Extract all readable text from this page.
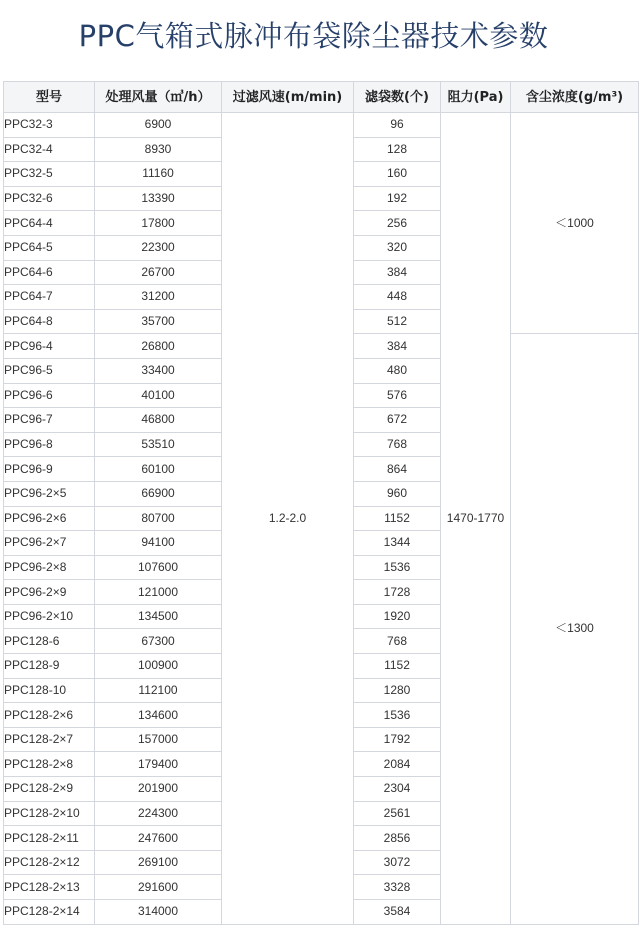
PPC气箱式脉冲布袋除尘器技术参数
型号	处理风量（㎥/h）	过滤风速(m/min)	滤袋数(个)	阻力(Pa)	含尘浓度(g/m³)
PPC32-3	6900	1.2-2.0	96	1470-1770	＜1000
PPC32-4	8930		128		
PPC32-5	11160		160		
PPC32-6	13390		192		
PPC64-4	17800		256		
PPC64-5	22300		320		
PPC64-6	26700		384		
PPC64-7	31200		448		
PPC64-8	35700		512		
PPC96-4	26800		384		＜1300
PPC96-5	33400		480		
PPC96-6	40100		576		
PPC96-7	46800		672		
PPC96-8	53510		768		
PPC96-9	60100		864		
PPC96-2×5	66900		960		
PPC96-2×6	80700		1152		
PPC96-2×7	94100		1344		
PPC96-2×8	107600		1536		
PPC96-2×9	121000		1728		
PPC96-2×10	134500		1920		
PPC128-6	67300		768		
PPC128-9	100900		1152		
PPC128-10	112100		1280		
PPC128-2×6	134600		1536		
PPC128-2×7	157000		1792		
PPC128-2×8	179400		2084		
PPC128-2×9	201900		2304		
PPC128-2×10	224300		2561		
PPC128-2×11	247600		2856		
PPC128-2×12	269100		3072		
PPC128-2×13	291600		3328		
PPC128-2×14	314000		3584		
